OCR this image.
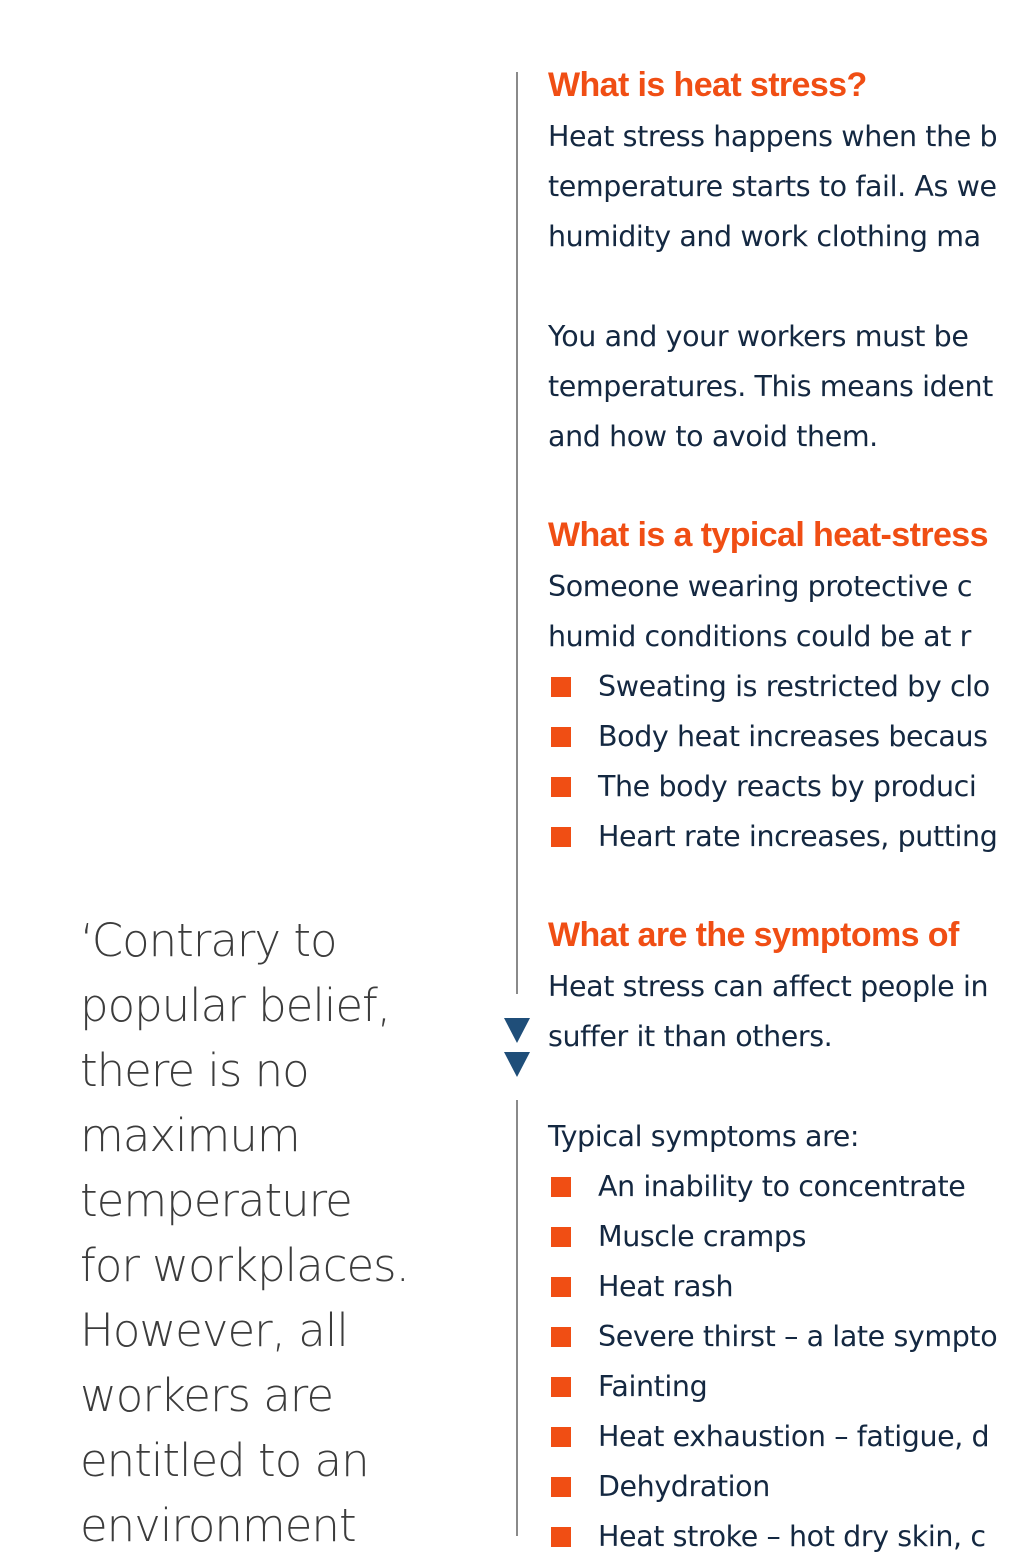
‘Contrary to
popular belief,
there is no
maximum
temperature
for workplaces.
However, all
workers are
entitled to an
environment

What is heat stress?
Heat stress happens when the b
temperature starts to fail. As we
humidity and work clothing ma
You and your workers must be
temperatures. This means ident
and how to avoid them.
What is a typical heat-stress
Someone wearing protective c
humid conditions could be at r
Sweating is restricted by clo
Body heat increases becaus
The body reacts by produci
Heart rate increases, putting
What are the symptoms of
Heat stress can affect people in
suffer it than others.
Typical symptoms are:
An inability to concentrate
Muscle cramps
Heat rash
Severe thirst – a late sympto
Fainting
Heat exhaustion – fatigue, d
Dehydration
Heat stroke – hot dry skin, c
